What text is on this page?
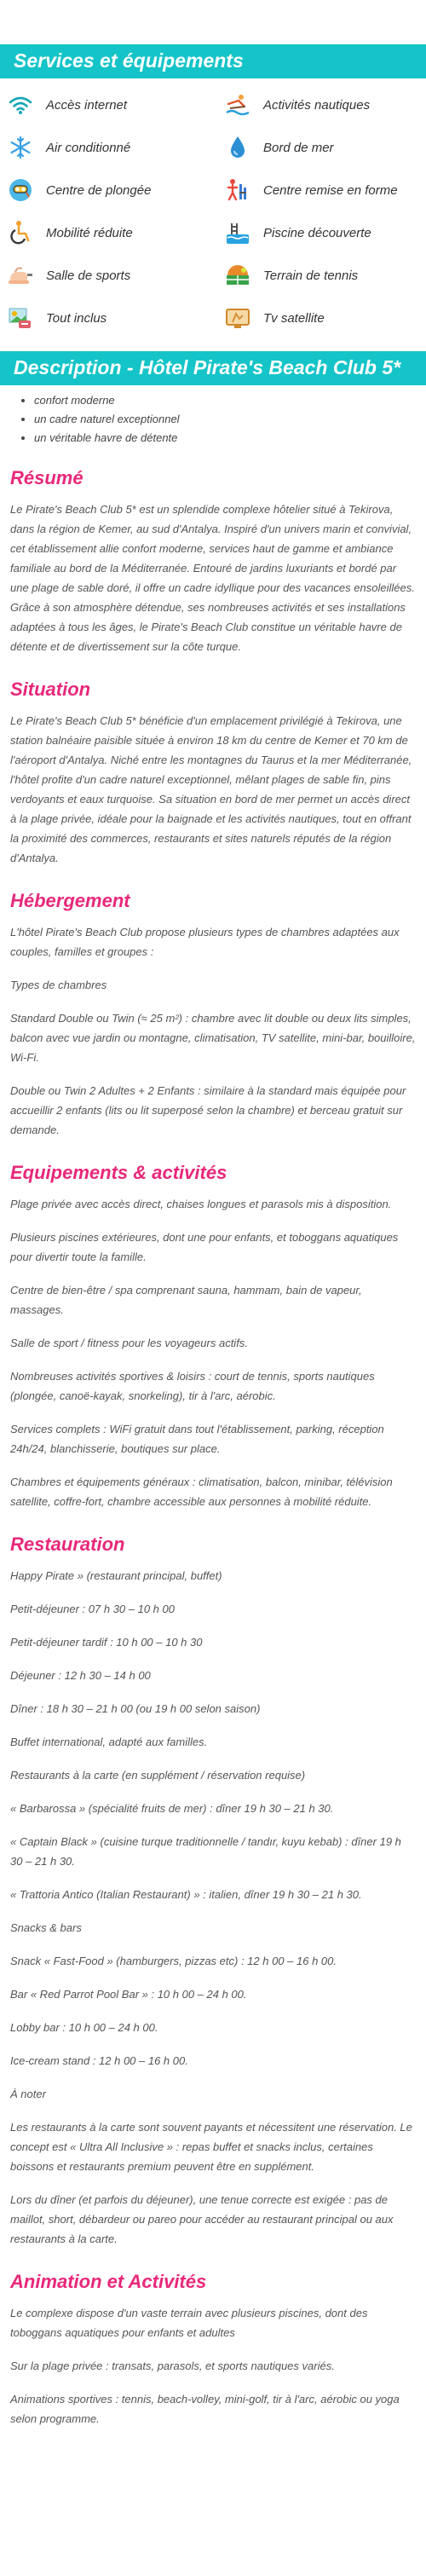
Services et équipements
Accès internet	Activités nautiques
Air conditionné	Bord de mer
Centre de plongée	Centre remise en forme
Mobilité réduite	Piscine découverte
Salle de sports	Terrain de tennis
Tout inclus	Tv satellite
Description - Hôtel Pirate's Beach Club 5*
• confort moderne
• un cadre naturel exceptionnel
• un véritable havre de détente
Résumé

Le Pirate's Beach Club 5* est un splendide complexe hôtelier situé à Tekirova, dans la région de Kemer, au sud d'Antalya. Inspiré d'un univers marin et convivial, cet établissement allie confort moderne, services haut de gamme et ambiance familiale au bord de la Méditerranée. Entouré de jardins luxuriants et bordé par une plage de sable doré, il offre un cadre idyllique pour des vacances ensoleillées. Grâce à son atmosphère détendue, ses nombreuses activités et ses installations adaptées à tous les âges, le Pirate's Beach Club constitue un véritable havre de détente et de divertissement sur la côte turque.

Situation

Le Pirate's Beach Club 5* bénéficie d'un emplacement privilégié à Tekirova, une station balnéaire paisible située à environ 18 km du centre de Kemer et 70 km de l'aéroport d'Antalya. Niché entre les montagnes du Taurus et la mer Méditerranée, l'hôtel profite d'un cadre naturel exceptionnel, mêlant plages de sable fin, pins verdoyants et eaux turquoise. Sa situation en bord de mer permet un accès direct à la plage privée, idéale pour la baignade et les activités nautiques, tout en offrant la proximité des commerces, restaurants et sites naturels réputés de la région d'Antalya.

Hébergement

L'hôtel Pirate's Beach Club propose plusieurs types de chambres adaptées aux couples, familles et groupes :

Types de chambres

Standard Double ou Twin (≈ 25 m²) : chambre avec lit double ou deux lits simples, balcon avec vue jardin ou montagne, climatisation, TV satellite, mini-bar, bouilloire, Wi-Fi.

Double ou Twin 2 Adultes + 2 Enfants : similaire à la standard mais équipée pour accueillir 2 enfants (lits ou lit superposé selon la chambre) et berceau gratuit sur demande.

Equipements & activités

Plage privée avec accès direct, chaises longues et parasols mis à disposition.

Plusieurs piscines extérieures, dont une pour enfants, et toboggans aquatiques pour divertir toute la famille.

Centre de bien-être / spa comprenant sauna, hammam, bain de vapeur, massages.

Salle de sport / fitness pour les voyageurs actifs.

Nombreuses activités sportives & loisirs : court de tennis, sports nautiques (plongée, canoë-kayak, snorkeling), tir à l'arc, aérobic.

Services complets : WiFi gratuit dans tout l'établissement, parking, réception 24h/24, blanchisserie, boutiques sur place.

Chambres et équipements généraux : climatisation, balcon, minibar, télévision satellite, coffre-fort, chambre accessible aux personnes à mobilité réduite.

Restauration

Happy Pirate » (restaurant principal, buffet)

Petit-déjeuner : 07 h 30 – 10 h 00

Petit-déjeuner tardif : 10 h 00 – 10 h 30

Déjeuner : 12 h 30 – 14 h 00

Dîner : 18 h 30 – 21 h 00 (ou 19 h 00 selon saison)

Buffet international, adapté aux familles.

Restaurants à la carte (en supplément / réservation requise)

« Barbarossa » (spécialité fruits de mer) : dîner 19 h 30 – 21 h 30.

« Captain Black » (cuisine turque traditionnelle / tandır, kuyu kebab) : dîner 19 h 30 – 21 h 30.

« Trattoria Antico (Italian Restaurant) » : italien, dîner 19 h 30 – 21 h 30.

Snacks & bars

Snack « Fast-Food » (hamburgers, pizzas etc) : 12 h 00 – 16 h 00.

Bar « Red Parrot Pool Bar » : 10 h 00 – 24 h 00.

Lobby bar : 10 h 00 – 24 h 00.

Ice-cream stand : 12 h 00 – 16 h 00.

À noter

Les restaurants à la carte sont souvent payants et nécessitent une réservation. Le concept est « Ultra All Inclusive » : repas buffet et snacks inclus, certaines boissons et restaurants premium peuvent être en supplément.

Lors du dîner (et parfois du déjeuner), une tenue correcte est exigée : pas de maillot, short, débardeur ou pareo pour accéder au restaurant principal ou aux restaurants à la carte.

Animation et Activités

Le complexe dispose d'un vaste terrain avec plusieurs piscines, dont des toboggans aquatiques pour enfants et adultes

Sur la plage privée : transats, parasols, et sports nautiques variés.

Animations sportives : tennis, beach-volley, mini-golf, tir à l'arc, aérobic ou yoga selon programme.
